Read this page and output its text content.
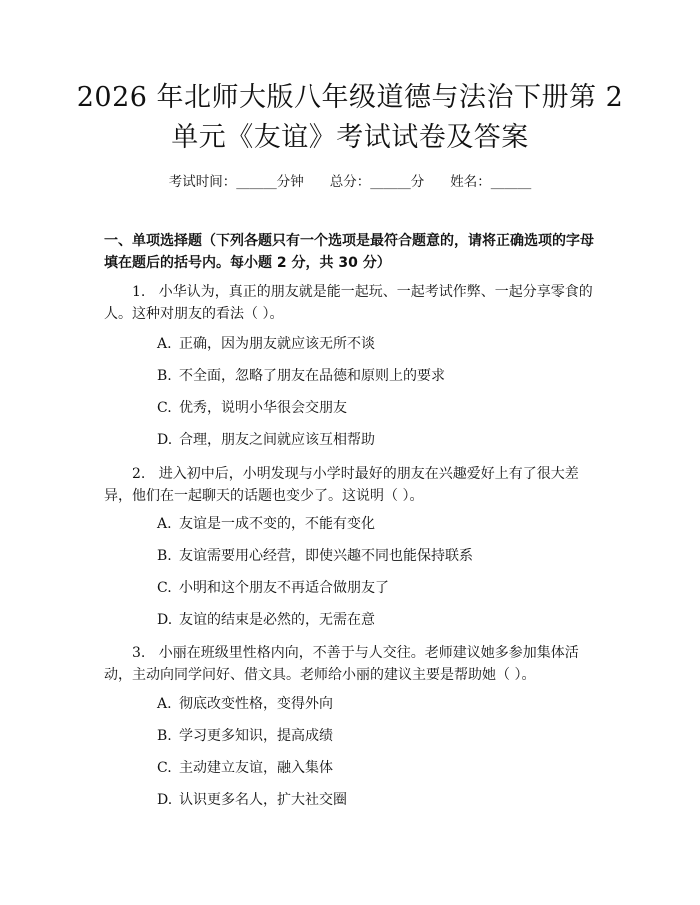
2026 年北师大版八年级道德与法治下册第 2 单元《友谊》考试试卷及答案
考试时间：______分钟 总分：______分 姓名：______
一、单项选择题（下列各题只有一个选项是最符合题意的，请将正确选项的字母填在题后的括号内。每小题 2 分，共 30 分）
1. 小华认为，真正的朋友就是能一起玩、一起考试作弊、一起分享零食的人。这种对朋友的看法（ ）。
A. 正确，因为朋友就应该无所不谈
B. 不全面，忽略了朋友在品德和原则上的要求
C. 优秀，说明小华很会交朋友
D. 合理，朋友之间就应该互相帮助
2. 进入初中后，小明发现与小学时最好的朋友在兴趣爱好上有了很大差异，他们在一起聊天的话题也变少了。这说明（ ）。
A. 友谊是一成不变的，不能有变化
B. 友谊需要用心经营，即使兴趣不同也能保持联系
C. 小明和这个朋友不再适合做朋友了
D. 友谊的结束是必然的，无需在意
3. 小丽在班级里性格内向，不善于与人交往。老师建议她多参加集体活动，主动向同学问好、借文具。老师给小丽的建议主要是帮助她（ ）。
A. 彻底改变性格，变得外向
B. 学习更多知识，提高成绩
C. 主动建立友谊，融入集体
D. 认识更多名人，扩大社交圈
